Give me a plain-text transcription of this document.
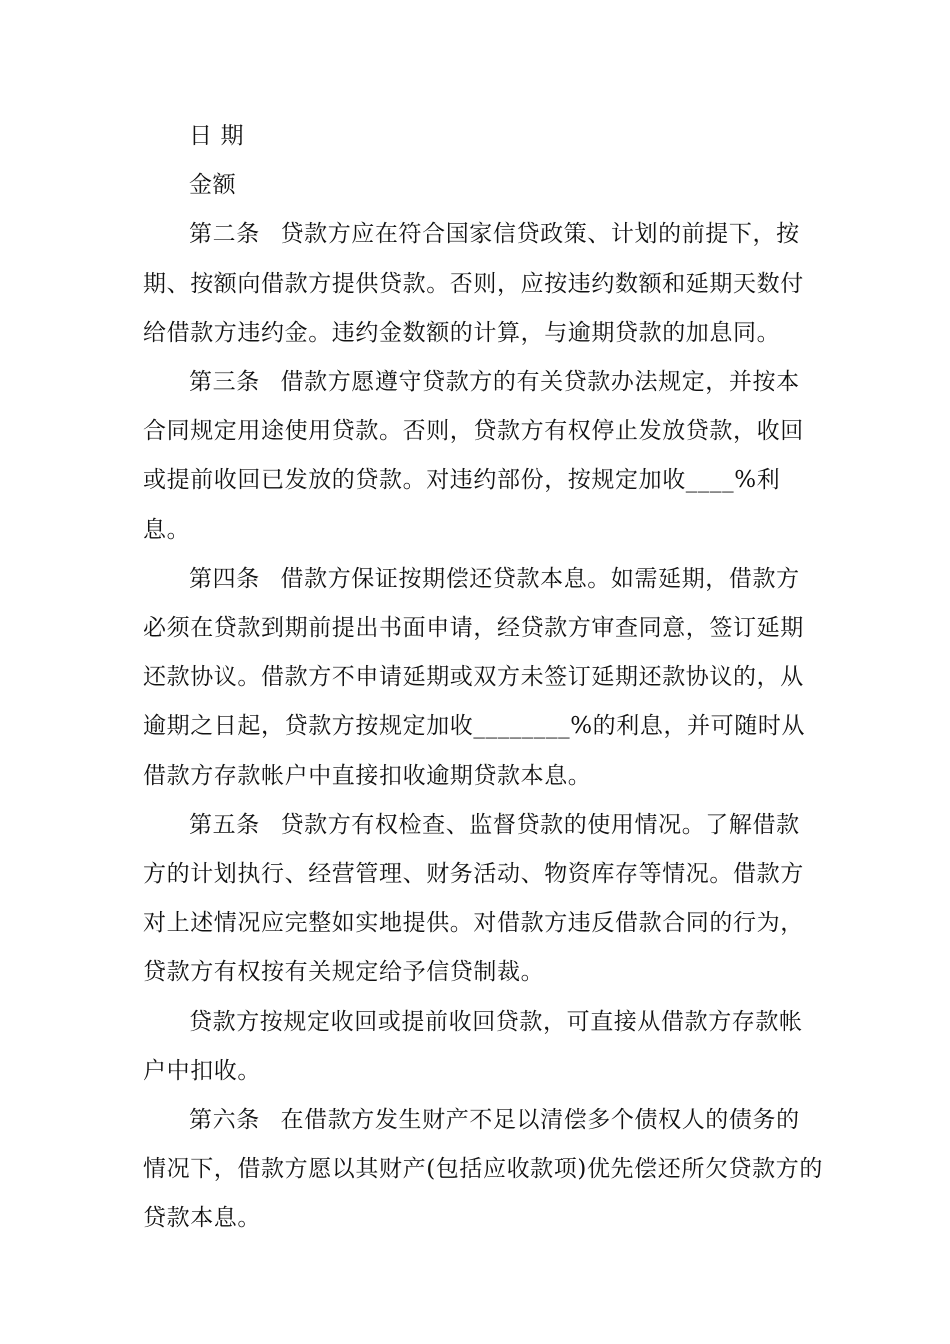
日 期

金额

第二条 贷款方应在符合国家信贷政策、计划的前提下，按期、按额向借款方提供贷款。否则，应按违约数额和延期天数付给借款方违约金。违约金数额的计算，与逾期贷款的加息同。

第三条 借款方愿遵守贷款方的有关贷款办法规定，并按本合同规定用途使用贷款。否则，贷款方有权停止发放贷款，收回或提前收回已发放的贷款。对违约部份，按规定加收____%利息。

第四条 借款方保证按期偿还贷款本息。如需延期，借款方必须在贷款到期前提出书面申请，经贷款方审查同意，签订延期还款协议。借款方不申请延期或双方未签订延期还款协议的，从逾期之日起，贷款方按规定加收________%的利息，并可随时从借款方存款帐户中直接扣收逾期贷款本息。

第五条 贷款方有权检查、监督贷款的使用情况。了解借款方的计划执行、经营管理、财务活动、物资库存等情况。借款方对上述情况应完整如实地提供。对借款方违反借款合同的行为，贷款方有权按有关规定给予信贷制裁。

贷款方按规定收回或提前收回贷款，可直接从借款方存款帐户中扣收。

第六条 在借款方发生财产不足以清偿多个债权人的债务的情况下，借款方愿以其财产(包括应收款项)优先偿还所欠贷款方的贷款本息。
